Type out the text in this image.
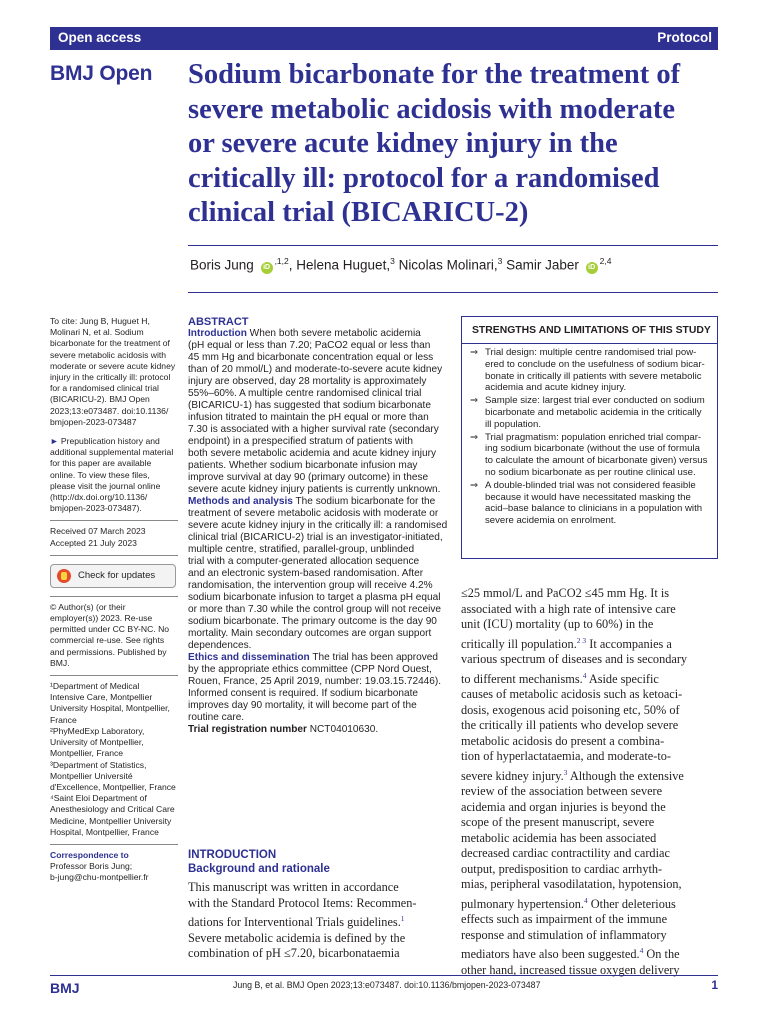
Open access	Protocol
BMJ Open Sodium bicarbonate for the treatment of
severe metabolic acidosis with moderate
or severe acute kidney injury in the
critically ill: protocol for a randomised
clinical trial (BICARICU-2)
Boris Jung $iD^{,1,2}$, Helena Huguet,$^3$ Nicolas Molinari,$^3$ Samir Jaber iD$^{2,4}$
To cite: Jung B, Huguet H,
Molinari N, et al. Sodium
bicarbonate for the treatment of
severe metabolic acidosis with
moderate or severe acute kidney
injury in the critically ill: protocol
for a randomised clinical trial
(BICARICU-2). BMJ Open
2023;13:e073487. doi:10.1136/
bmjopen-2023-073487
► Prepublication history and
additional supplemental material
for this paper are available
online. To view these files,
please visit the journal online
(http://dx.doi.org/10.1136/
bmjopen-2023-073487).
Received 07 March 2023
Accepted 21 July 2023
Check for updates
© Author(s) (or their
employer(s)) 2023. Re-use
permitted under CC BY-NC. No
commercial re-use. See rights
and permissions. Published by
BMJ.
¹Department of Medical
Intensive Care, Montpellier
University Hospital, Montpellier,
France
²PhyMedExp Laboratory,
University of Montpellier,
Montpellier, France
³Department of Statistics,
Montpellier Université
d'Excellence, Montpellier, France
⁴Saint Eloi Department of
Anesthesiology and Critical Care
Medicine, Montpellier University
Hospital, Montpellier, France
Correspondence to
Professor Boris Jung;
b-jung@chu-montpellier.fr
ABSTRACT
Introduction When both severe metabolic acidemia
(pH equal or less than 7.20; PaCO2 equal or less than
45 mm Hg and bicarbonate concentration equal or less
than of 20 mmol/L) and moderate-to-severe acute kidney
injury are observed, day 28 mortality is approximately
55%–60%. A multiple centre randomised clinical trial
(BICARICU-1) has suggested that sodium bicarbonate
infusion titrated to maintain the pH equal or more than
7.30 is associated with a higher survival rate (secondary
endpoint) in a prespecified stratum of patients with
both severe metabolic acidemia and acute kidney injury
patients. Whether sodium bicarbonate infusion may
improve survival at day 90 (primary outcome) in these
severe acute kidney injury patients is currently unknown.
Methods and analysis The sodium bicarbonate for the
treatment of severe metabolic acidosis with moderate or
severe acute kidney injury in the critically ill: a randomised
clinical trial (BICARICU-2) trial is an investigator-initiated,
multiple centre, stratified, parallel-group, unblinded
trial with a computer-generated allocation sequence
and an electronic system-based randomisation. After
randomisation, the intervention group will receive 4.2%
sodium bicarbonate infusion to target a plasma pH equal
or more than 7.30 while the control group will not receive
sodium bicarbonate. The primary outcome is the day 90
mortality. Main secondary outcomes are organ support
dependences.
Ethics and dissemination The trial has been approved
by the appropriate ethics committee (CPP Nord Ouest,
Rouen, France, 25 April 2019, number: 19.03.15.72446).
Informed consent is required. If sodium bicarbonate
improves day 90 mortality, it will become part of the
routine care.
Trial registration number NCT04010630.
INTRODUCTION
Background and rationale
This manuscript was written in accordance
with the Standard Protocol Items: Recommen-
dations for Interventional Trials guidelines.$^1$
Severe metabolic acidemia is defined by the
combination of pH ≤7.20, bicarbonataemia
STRENGTHS AND LIMITATIONS OF THIS STUDY
⇒ Trial design: multiple centre randomised trial pow-
ered to conclude on the usefulness of sodium bicar-
bonate in critically ill patients with severe metabolic
acidemia and acute kidney injury.
⇒ Sample size: largest trial ever conducted on sodium
bicarbonate and metabolic acidemia in the critically
ill population.
⇒ Trial pragmatism: population enriched trial compar-
ing sodium bicarbonate (without the use of formula
to calculate the amount of bicarbonate given) versus
no sodium bicarbonate as per routine clinical use.
⇒ A double-blinded trial was not considered feasible
because it would have necessitated masking the
acid–base balance to clinicians in a population with
severe acidemia on enrolment.
≤25 mmol/L and PaCO2 ≤45 mm Hg. It is
associated with a high rate of intensive care
unit (ICU) mortality (up to 60%) in the
critically ill population.$^{2 3}$ It accompanies a
various spectrum of diseases and is secondary
to different mechanisms.$^4$ Aside specific
causes of metabolic acidosis such as ketoaci-
dosis, exogenous acid poisoning etc, 50% of
the critically ill patients who develop severe
metabolic acidosis do present a combina-
tion of hyperlactataemia, and moderate-to-
severe kidney injury.$^3$ Although the extensive
review of the association between severe
acidemia and organ injuries is beyond the
scope of the present manuscript, severe
metabolic acidemia has been associated
decreased cardiac contractility and cardiac
output, predisposition to cardiac arrhyth-
mias, peripheral vasodilatation, hypotension,
pulmonary hypertension.$^4$ Other deleterious
effects such as impairment of the immune
response and stimulation of inflammatory
mediators have also been suggested.$^4$ On the
other hand, increased tissue oxygen delivery
BMJ	Jung B, et al. BMJ Open 2023;13:e073487. doi:10.1136/bmjopen-2023-073487	1
